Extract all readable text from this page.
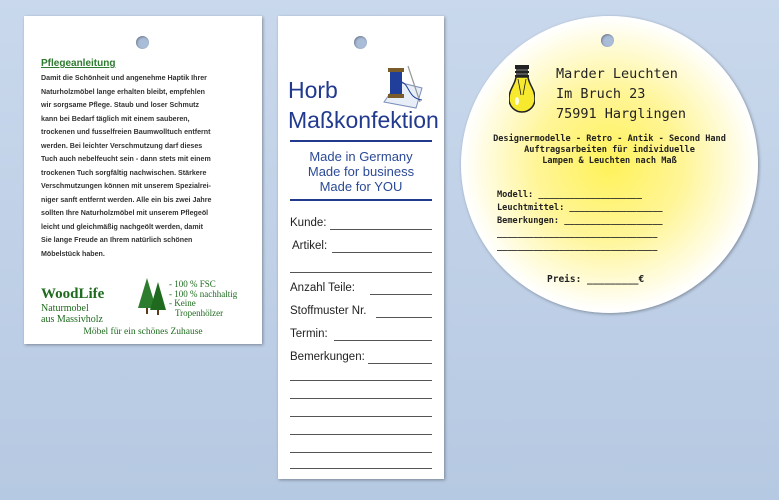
Pflegeanleitung
Damit die Schönheit und angenehme Haptik Ihrer
Naturholzmöbel lange erhalten bleibt, empfehlen
wir sorgsame Pflege. Staub und loser Schmutz
kann bei Bedarf täglich mit einem sauberen,
trockenen und fusselfreien Baumwolltuch entfernt
werden. Bei leichter Verschmutzung darf dieses
Tuch auch nebelfeucht sein - dann stets mit einem
trockenen Tuch sorgfältig nachwischen. Stärkere
Verschmutzungen können mit unserem Spezialrei-
niger sanft entfernt werden. Alle ein bis zwei Jahre
sollten Ihre Naturholzmöbel mit unserem Pflegeöl
leicht und gleichmäßig nachgeölt werden, damit
Sie lange Freude an Ihrem natürlich schönen
Möbelstück haben.
WoodLife
Naturmobel
aus Massivholz
- 100 % FSC
- 100 % nachhaltig
- Keine
Tropenhölzer
Möbel für ein schönes Zuhause
Horb
Maßkonfektion
Made in Germany
Made for business
Made for YOU
Kunde:
Artikel:
Anzahl Teile:
Stoffmuster Nr.
Termin:
Bemerkungen:
Marder Leuchten
Im Bruch 23
75991 Harglingen
Designermodelle - Retro - Antik - Second Hand
Auftragsarbeiten für individuelle
Lampen & Leuchten nach Maß
Modell: ____________________
Leuchtmittel: __________________
Bemerkungen: ___________________
_______________________________
_______________________________
Preis: _________€
